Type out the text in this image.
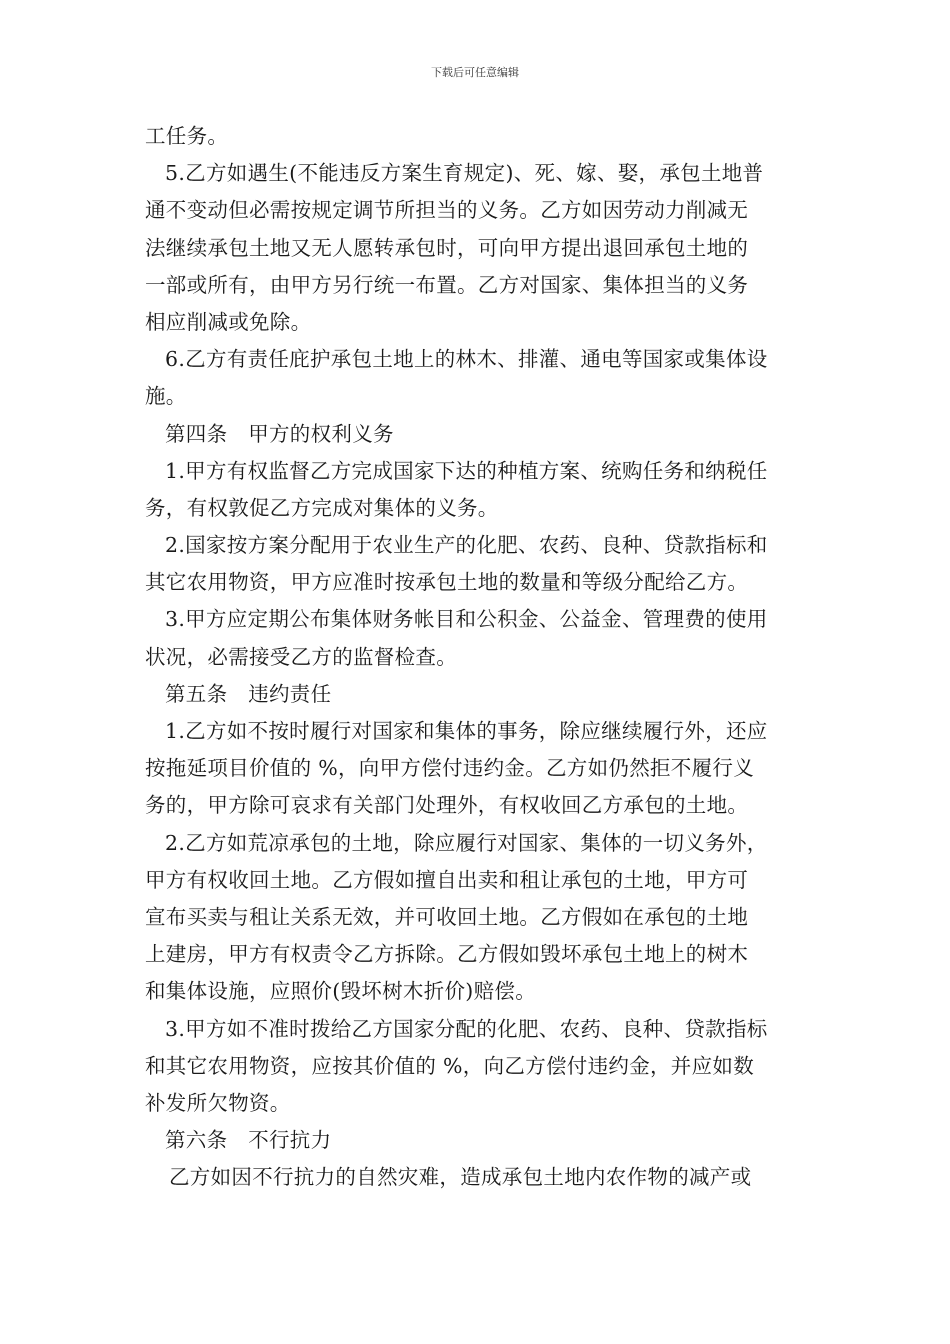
下载后可任意编辑
工任务。
5.乙方如遇生(不能违反方案生育规定)、死、嫁、娶，承包土地普
通不变动但必需按规定调节所担当的义务。乙方如因劳动力削减无
法继续承包土地又无人愿转承包时，可向甲方提出退回承包土地的
一部或所有，由甲方另行统一布置。乙方对国家、集体担当的义务
相应削减或免除。
6.乙方有责任庇护承包土地上的林木、排灌、通电等国家或集体设
施。
第四条　甲方的权利义务
1.甲方有权监督乙方完成国家下达的种植方案、统购任务和纳税任
务，有权敦促乙方完成对集体的义务。
2.国家按方案分配用于农业生产的化肥、农药、良种、贷款指标和
其它农用物资，甲方应准时按承包土地的数量和等级分配给乙方。
3.甲方应定期公布集体财务帐目和公积金、公益金、管理费的使用
状况，必需接受乙方的监督检查。
第五条　违约责任
1.乙方如不按时履行对国家和集体的事务，除应继续履行外，还应
按拖延项目价值的 %，向甲方偿付违约金。乙方如仍然拒不履行义
务的，甲方除可哀求有关部门处理外，有权收回乙方承包的土地。
2.乙方如荒凉承包的土地，除应履行对国家、集体的一切义务外，
甲方有权收回土地。乙方假如擅自出卖和租让承包的土地，甲方可
宣布买卖与租让关系无效，并可收回土地。乙方假如在承包的土地
上建房，甲方有权责令乙方拆除。乙方假如毁坏承包土地上的树木
和集体设施，应照价(毁坏树木折价)赔偿。
3.甲方如不准时拨给乙方国家分配的化肥、农药、良种、贷款指标
和其它农用物资，应按其价值的 %，向乙方偿付违约金，并应如数
补发所欠物资。
第六条　不行抗力
乙方如因不行抗力的自然灾难，造成承包土地内农作物的减产或
